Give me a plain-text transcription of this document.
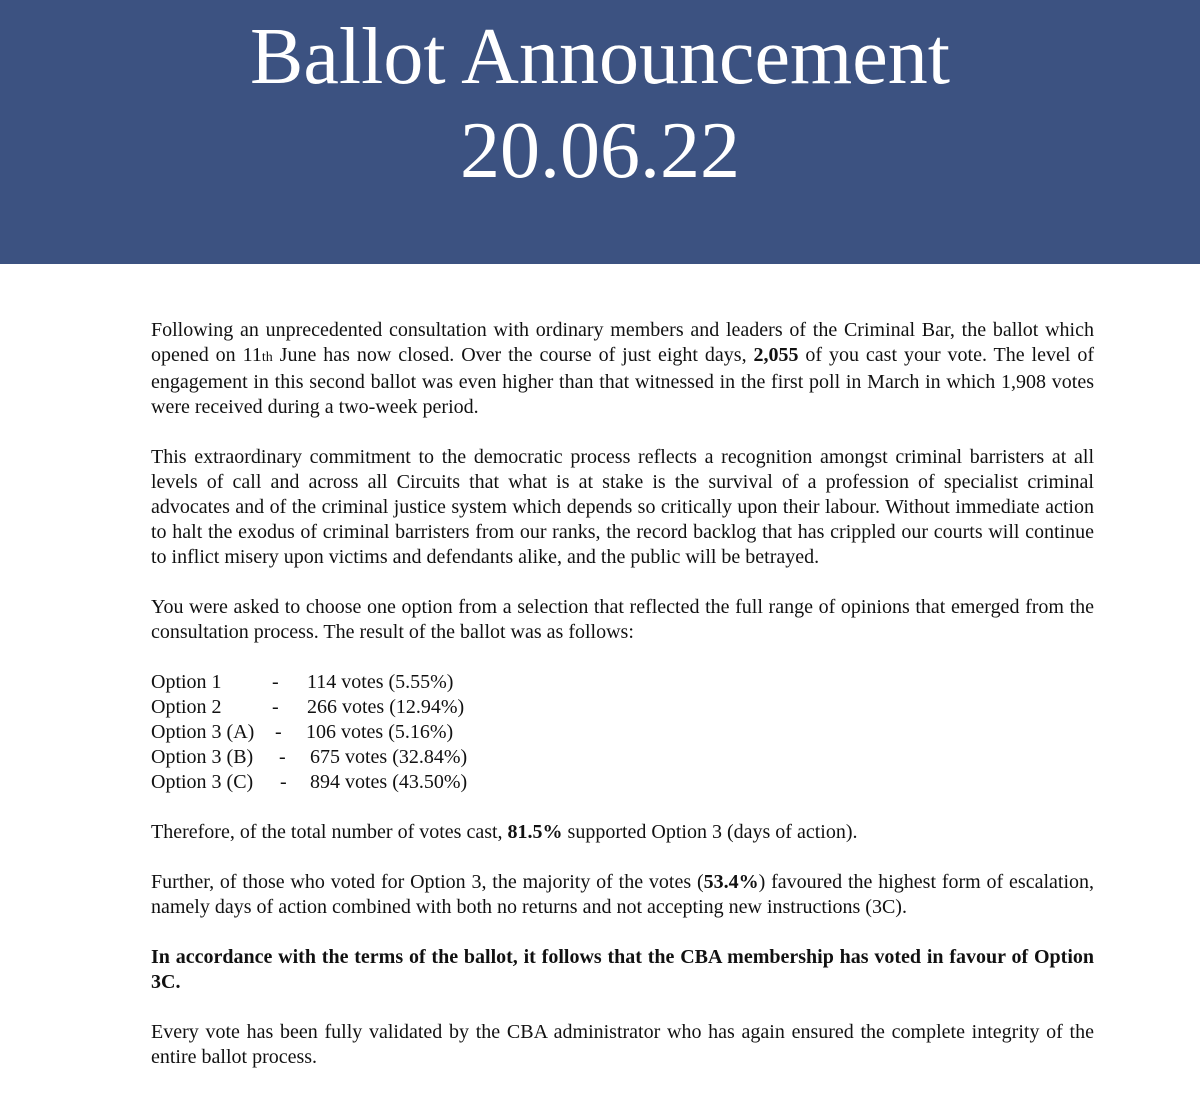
Ballot Announcement
20.06.22

Following an unprecedented consultation with ordinary members and leaders of the Criminal Bar, the ballot which opened on 11th June has now closed. Over the course of just eight days, 2,055 of you cast your vote. The level of engagement in this second ballot was even higher than that witnessed in the first poll in March in which 1,908 votes were received during a two-week period.

This extraordinary commitment to the democratic process reflects a recognition amongst criminal barristers at all levels of call and across all Circuits that what is at stake is the survival of a profession of specialist criminal advocates and of the criminal justice system which depends so critically upon their labour. Without immediate action to halt the exodus of criminal barristers from our ranks, the record backlog that has crippled our courts will continue to inflict misery upon victims and defendants alike, and the public will be betrayed.

You were asked to choose one option from a selection that reflected the full range of opinions that emerged from the consultation process. The result of the ballot was as follows:

Option 1	- 114 votes (5.55%)
Option 2	- 266 votes (12.94%)
Option 3 (A) - 106 votes (5.16%)
Option 3 (B) - 675 votes (32.84%)
Option 3 (C) - 894 votes (43.50%)

Therefore, of the total number of votes cast, 81.5% supported Option 3 (days of action).

Further, of those who voted for Option 3, the majority of the votes (53.4%) favoured the highest form of escalation, namely days of action combined with both no returns and not accepting new instructions (3C).

In accordance with the terms of the ballot, it follows that the CBA membership has voted in favour of Option 3C.

Every vote has been fully validated by the CBA administrator who has again ensured the complete integrity of the entire ballot process.
